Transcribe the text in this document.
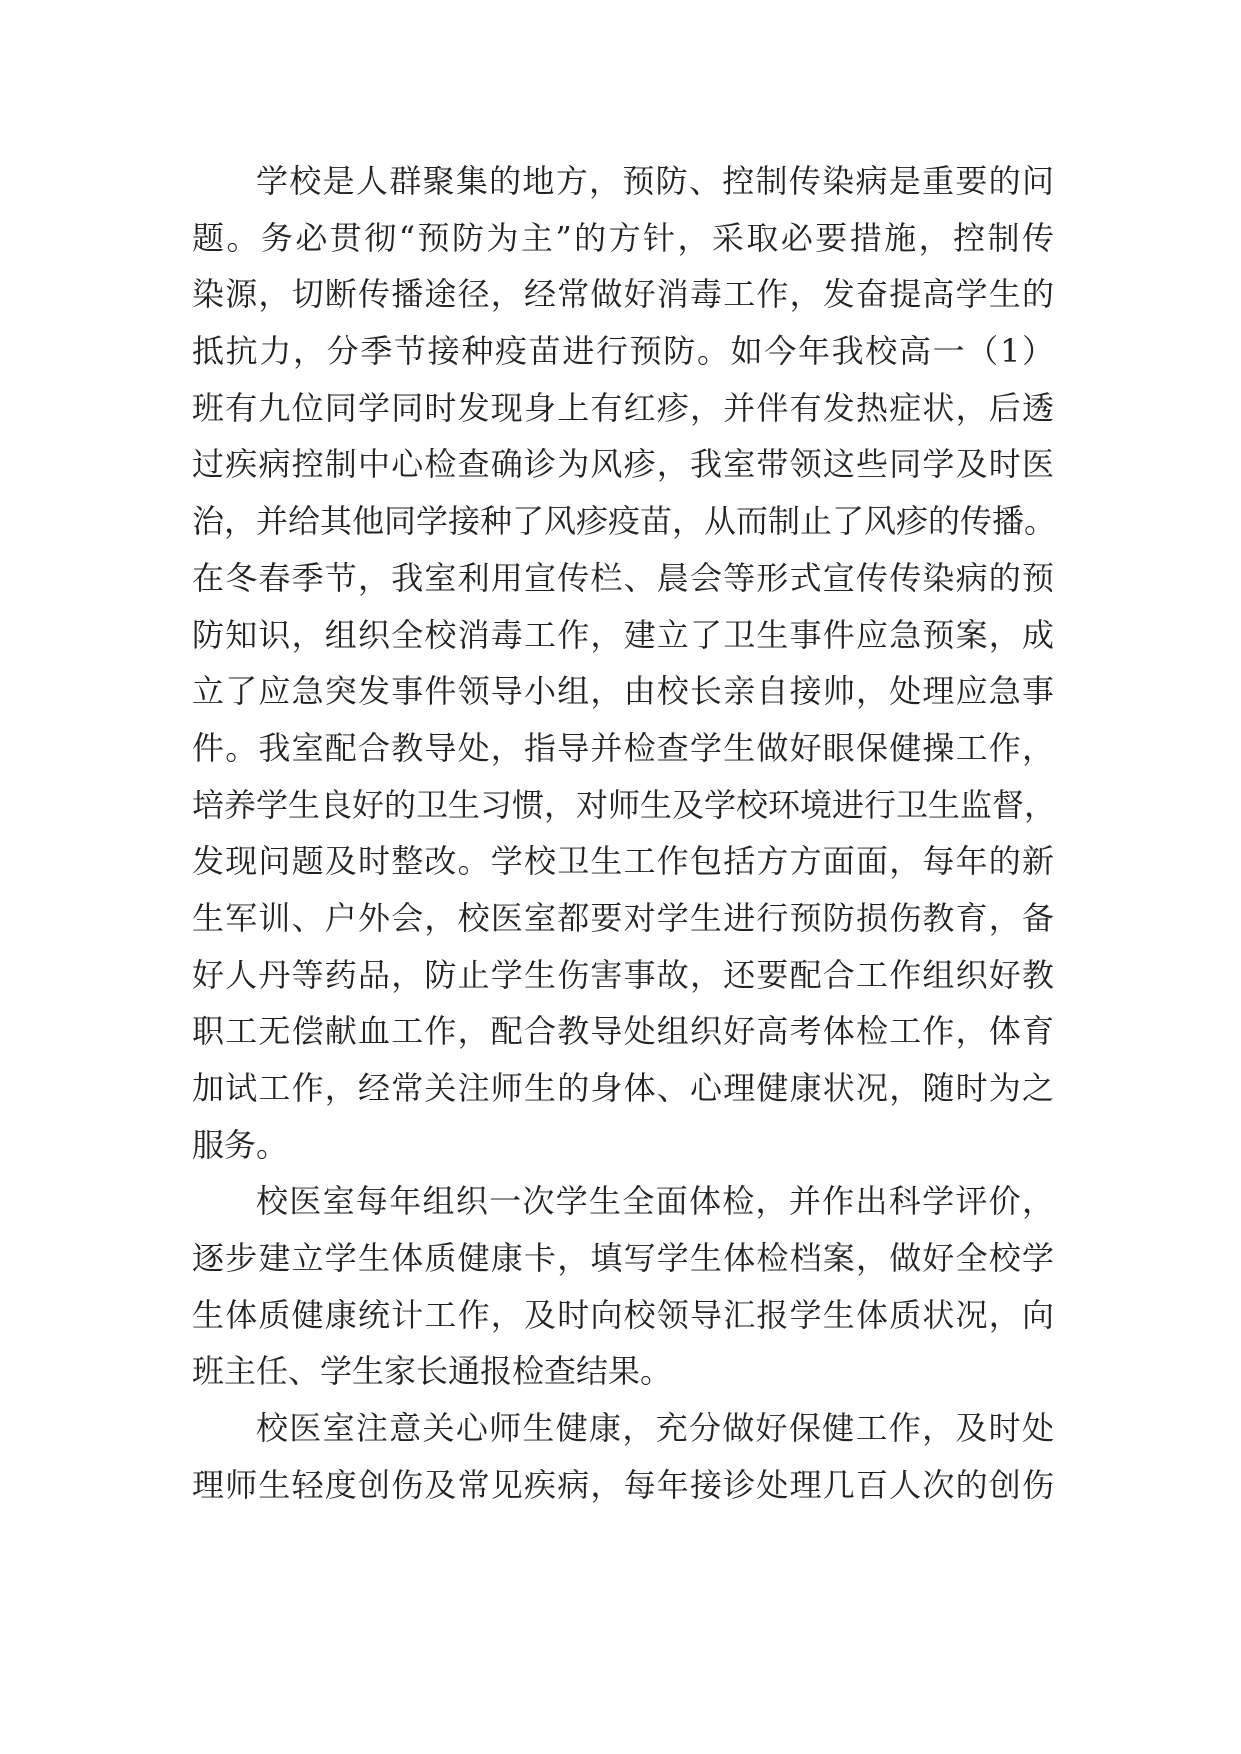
学校是人群聚集的地方，预防、控制传染病是重要的问
题。务必贯彻“预防为主”的方针，采取必要措施，控制传
染源，切断传播途径，经常做好消毒工作，发奋提高学生的
抵抗力，分季节接种疫苗进行预防。如今年我校高一（1）
班有九位同学同时发现身上有红疹，并伴有发热症状，后透
过疾病控制中心检查确诊为风疹，我室带领这些同学及时医
治，并给其他同学接种了风疹疫苗，从而制止了风疹的传播。
在冬春季节，我室利用宣传栏、晨会等形式宣传传染病的预
防知识，组织全校消毒工作，建立了卫生事件应急预案，成
立了应急突发事件领导小组，由校长亲自接帅，处理应急事
件。我室配合教导处，指导并检查学生做好眼保健操工作，
培养学生良好的卫生习惯，对师生及学校环境进行卫生监督，
发现问题及时整改。学校卫生工作包括方方面面，每年的新
生军训、户外会，校医室都要对学生进行预防损伤教育，备
好人丹等药品，防止学生伤害事故，还要配合工作组织好教
职工无偿献血工作，配合教导处组织好高考体检工作，体育
加试工作，经常关注师生的身体、心理健康状况，随时为之
服务。
校医室每年组织一次学生全面体检，并作出科学评价，
逐步建立学生体质健康卡，填写学生体检档案，做好全校学
生体质健康统计工作，及时向校领导汇报学生体质状况，向
班主任、学生家长通报检查结果。
校医室注意关心师生健康，充分做好保健工作，及时处
理师生轻度创伤及常见疾病，每年接诊处理几百人次的创伤
